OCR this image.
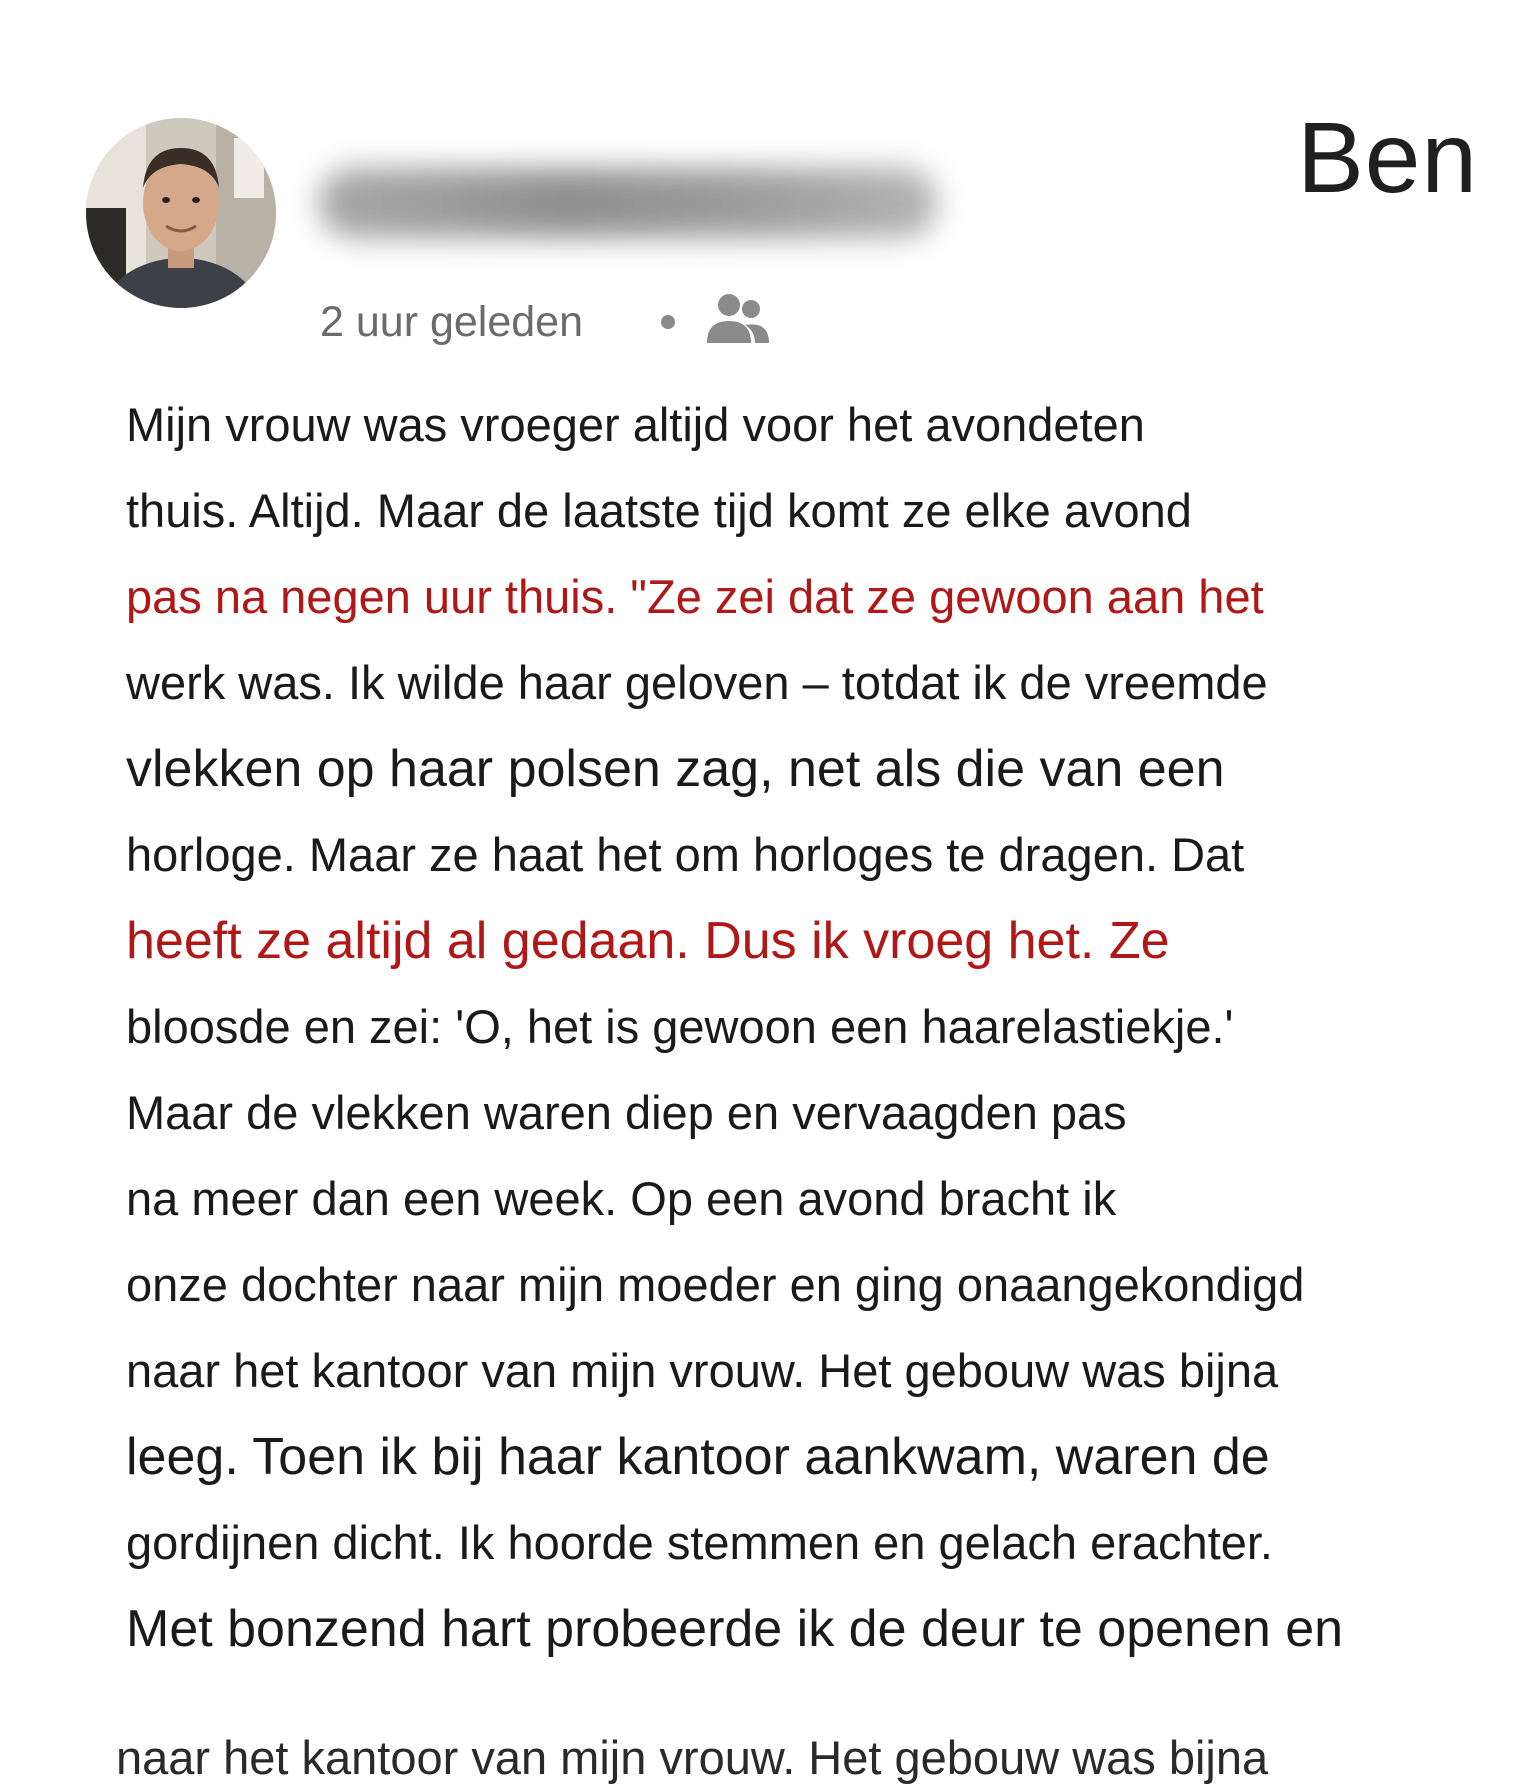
Ben
2 uur geleden
Mijn vrouw was vroeger altijd voor het avondeten
thuis. Altijd. Maar de laatste tijd komt ze elke avond
pas na negen uur thuis. "Ze zei dat ze gewoon aan het
werk was. Ik wilde haar geloven – totdat ik de vreemde
vlekken op haar polsen zag, net als die van een
horloge. Maar ze haat het om horloges te dragen. Dat
heeft ze altijd al gedaan. Dus ik vroeg het. Ze
bloosde en zei: 'O, het is gewoon een haarelastiekje.'
Maar de vlekken waren diep en vervaagden pas
na meer dan een week. Op een avond bracht ik
onze dochter naar mijn moeder en ging onaangekondigd
naar het kantoor van mijn vrouw. Het gebouw was bijna
leeg. Toen ik bij haar kantoor aankwam, waren de
gordijnen dicht. Ik hoorde stemmen en gelach erachter.
Met bonzend hart probeerde ik de deur te openen en
naar het kantoor van mijn vrouw. Het gebouw was bijna
